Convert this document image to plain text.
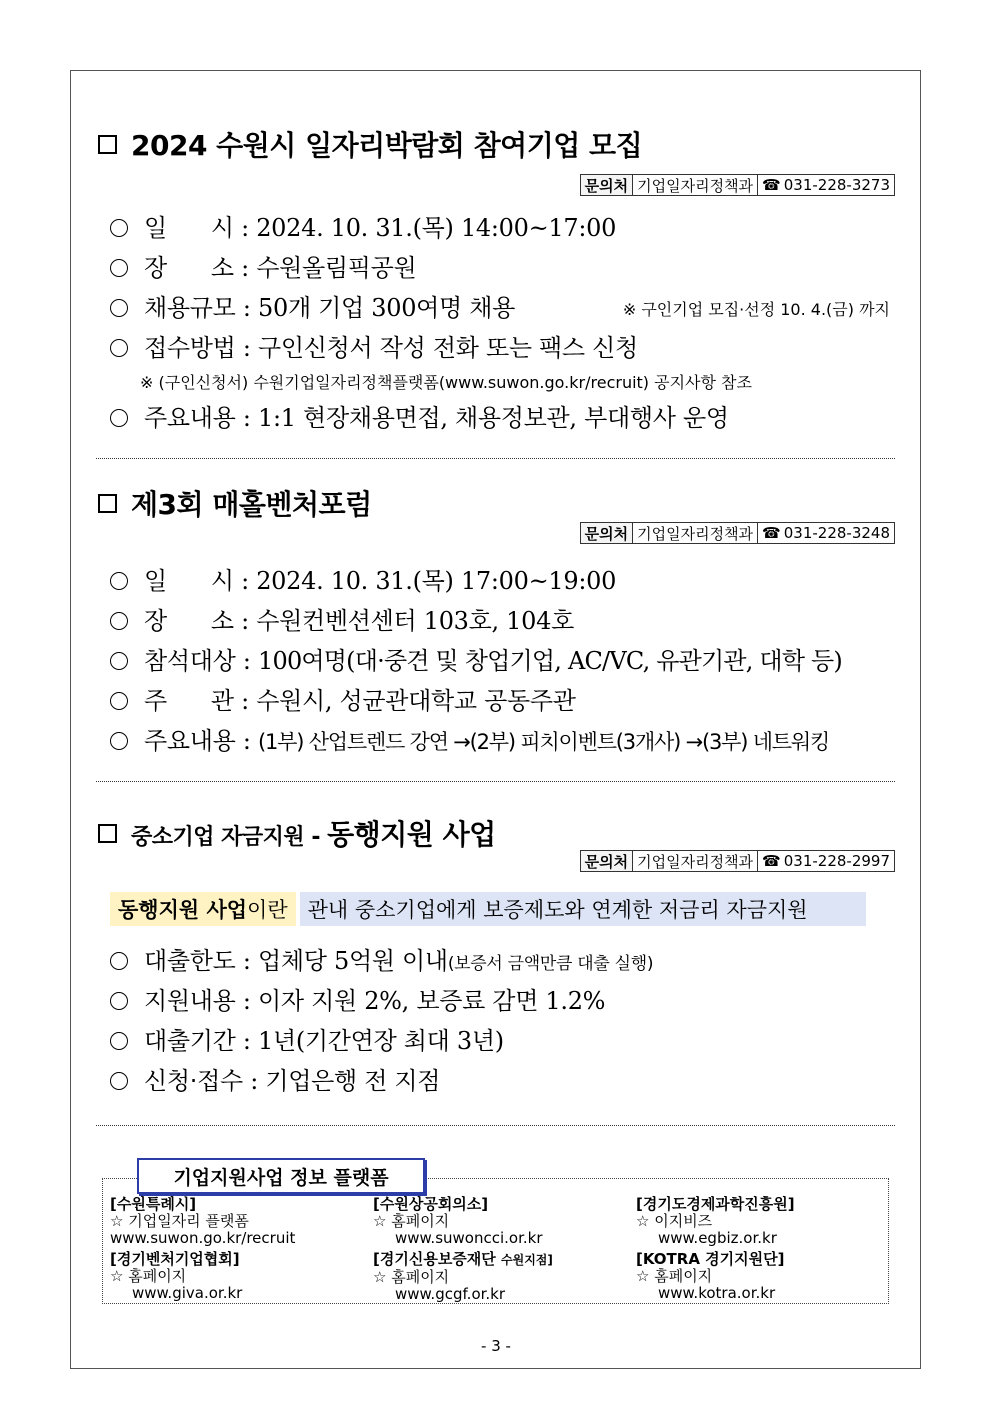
2024 수원시 일자리박람회 참여기업 모집
문의처 기업일자리정책과 ☎ 031-228-3273
일      시 : 2024. 10. 31.(목) 14:00~17:00
장      소 : 수원올림픽공원
채용규모 : 50개 기업 300여명 채용	※ 구인기업 모집·선정 10. 4.(금) 까지
접수방법 : 구인신청서 작성 전화 또는 팩스 신청
※ (구인신청서) 수원기업일자리정책플랫폼(www.suwon.go.kr/recruit) 공지사항 참조
주요내용 : 1:1 현장채용면접, 채용정보관, 부대행사 운영
제3회 매홀벤처포럼
문의처 기업일자리정책과 ☎ 031-228-3248
일      시 : 2024. 10. 31.(목) 17:00~19:00
장      소 : 수원컨벤션센터 103호, 104호
참석대상 : 100여명(대·중견 및 창업기업, AC/VC, 유관기관, 대학 등)
주      관 : 수원시, 성균관대학교 공동주관
주요내용 : (1부) 산업트렌드 강연 →(2부) 피치이벤트(3개사) →(3부) 네트워킹
중소기업 자금지원 - 동행지원 사업
문의처 기업일자리정책과 ☎ 031-228-2997
동행지원 사업 이란 관내 중소기업에게 보증제도와 연계한 저금리 자금지원
대출한도 : 업체당 5억원 이내(보증서 금액만큼 대출 실행)
지원내용 : 이자 지원 2%, 보증료 감면 1.2%
대출기간 : 1년(기간연장 최대 3년)
신청·접수 : 기업은행 전 지점
기업지원사업 정보 플랫폼
[수원특례시]
☆ 기업일자리 플랫폼
www.suwon.go.kr/recruit
[수원상공회의소]
☆ 홈페이지
www.suwoncci.or.kr
[경기도경제과학진흥원]
☆ 이지비즈
www.egbiz.or.kr
[경기벤처기업협회]
☆ 홈페이지
www.giva.or.kr
[경기신용보증재단 수원지점]
☆ 홈페이지
www.gcgf.or.kr
[KOTRA 경기지원단]
☆ 홈페이지
www.kotra.or.kr
- 3 -
